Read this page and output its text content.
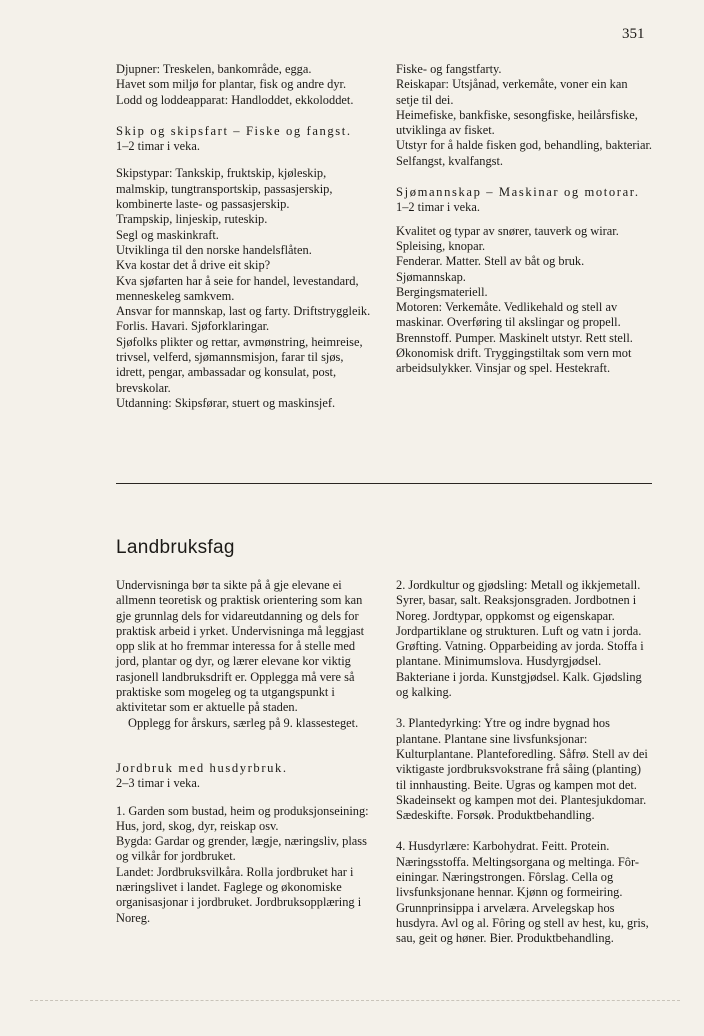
351

Djupner: Treskelen, bankområde, egga.

Havet som miljø for plantar, fisk og andre dyr.

Lodd og loddeapparat: Handloddet, ekkoloddet.

Skip og skipsfart – Fiske og fangst.

1–2 timar i veka.

Skipstypar: Tankskip, fruktskip, kjøleskip, malmskip, tungtransportskip, passasjerskip, kombinerte laste- og passasjerskip.

Trampskip, linjeskip, ruteskip.

Segl og maskinkraft.

Utviklinga til den norske handelsflåten.

Kva kostar det å drive eit skip?

Kva sjøfarten har å seie for handel, levestandard, menneskeleg samkvem.

Ansvar for mannskap, last og farty. Driftstryggleik. Forlis. Havari. Sjøforklaringar.

Sjøfolks plikter og rettar, avmønstring, heimreise, trivsel, velferd, sjømannsmisjon, farar til sjøs, idrett, pengar, ambassadar og konsulat, post, brevskolar.

Utdanning: Skipsførar, stuert og maskinsjef.

Fiske- og fangstfarty.

Reiskapar: Utsjånad, verkemåte, voner ein kan setje til dei.

Heimefiske, bankfiske, sesongfiske, heilårsfiske, utviklinga av fisket.

Utstyr for å halde fisken god, behandling, bakteriar.

Selfangst, kvalfangst.

Sjømannskap – Maskinar og motorar.

1–2 timar i veka.

Kvalitet og typar av snører, tauverk og wirar.

Spleising, knopar.

Fenderar. Matter. Stell av båt og bruk.

Sjømannskap.

Bergingsmateriell.

Motoren: Verkemåte. Vedlikehald og stell av maskinar. Overføring til akslingar og propell. Brennstoff. Pumper. Maskinelt utstyr. Rett stell.

Økonomisk drift. Tryggingstiltak som vern mot arbeidsulykker. Vinsjar og spel. Hestekraft.

Landbruksfag

Undervisninga bør ta sikte på å gje elevane ei allmenn teoretisk og praktisk orientering som kan gje grunnlag dels for vidareutdanning og dels for praktisk arbeid i yrket. Undervisninga må leggjast opp slik at ho fremmar interessa for å stelle med jord, plantar og dyr, og lærer elevane kor viktig rasjonell landbruksdrift er. Opplegga må vere så praktiske som mogeleg og ta utgangspunkt i aktivitetar som er aktuelle på staden.

Opplegg for årskurs, særleg på 9. klassesteget.

Jordbruk med husdyrbruk.

2–3 timar i veka.

1. Garden som bustad, heim og produksjonseining: Hus, jord, skog, dyr, reiskap osv.

Bygda: Gardar og grender, lægje, næringsliv, plass og vilkår for jordbruket.

Landet: Jordbruksvilkåra. Rolla jordbruket har i næringslivet i landet. Faglege og økonomiske organisasjonar i jordbruket. Jordbruksopplæring i Noreg.

2. Jordkultur og gjødsling: Metall og ikkjemetall. Syrer, basar, salt. Reaksjonsgraden. Jordbotnen i Noreg. Jordtypar, oppkomst og eigenskapar. Jordpartiklane og strukturen. Luft og vatn i jorda. Grøfting. Vatning. Opparbeiding av jorda. Stoffa i plantane. Minimumslova. Husdyrgjødsel. Bakteriane i jorda. Kunstgjødsel. Kalk. Gjødsling og kalking.

3. Plantedyrking: Ytre og indre bygnad hos plantane. Plantane sine livsfunksjonar: Kulturplantane. Planteforedling. Såfrø. Stell av dei viktigaste jordbruksvokstrane frå såing (planting) til innhausting. Beite. Ugras og kampen mot det. Skadeinsekt og kampen mot dei. Plantesjukdomar. Sædeskifte. Forsøk. Produktbehandling.

4. Husdyrlære: Karbohydrat. Feitt. Protein. Næringsstoffa. Meltingsorgana og meltinga. Fôr-einingar. Næringstrongen. Fôrslag. Cella og livsfunksjonane hennar. Kjønn og formeiring. Grunnprinsippa i arvelæra. Arvelegskap hos husdyra. Avl og al. Fôring og stell av hest, ku, gris, sau, geit og høner. Bier. Produktbehandling.
